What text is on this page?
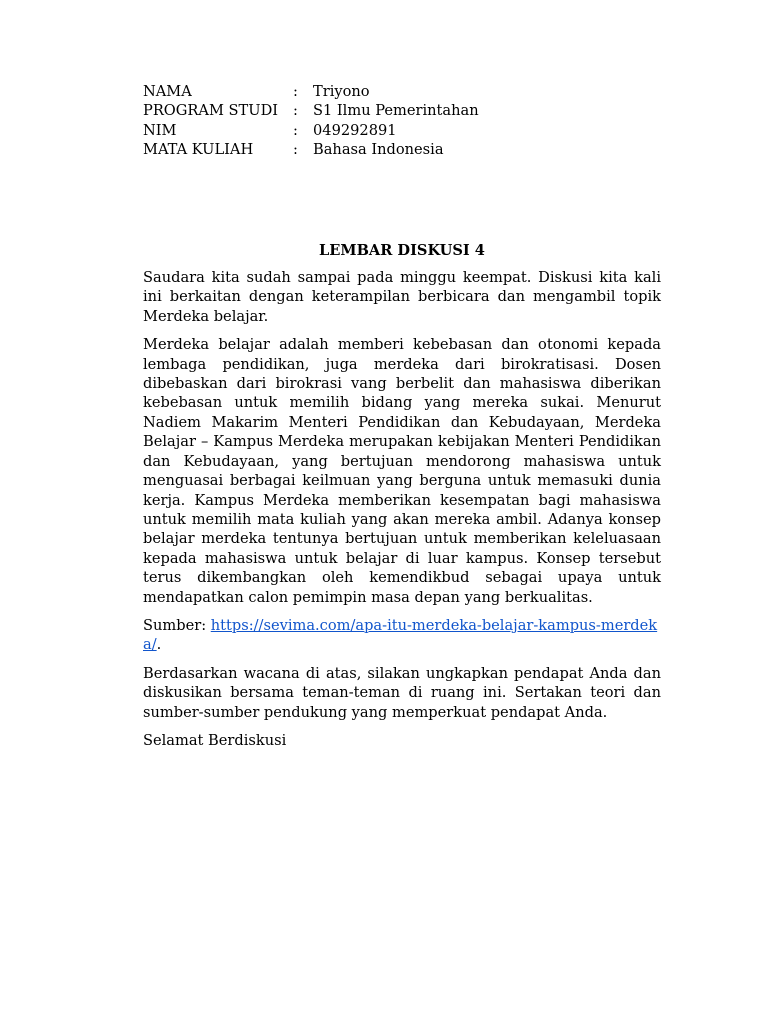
NAMA	:	Triyono
PROGRAM STUDI	:	S1 Ilmu Pemerintahan
NIM	:	049292891
MATA KULIAH	:	Bahasa Indonesia
LEMBAR DISKUSI 4

Saudara kita sudah sampai pada minggu keempat. Diskusi kita kali ini berkaitan dengan keterampilan berbicara dan mengambil topik Merdeka belajar.

Merdeka belajar adalah memberi kebebasan dan otonomi kepada lembaga pendidikan, juga merdeka dari birokratisasi. Dosen dibebaskan dari birokrasi vang berbelit dan mahasiswa diberikan kebebasan untuk memilih bidang yang mereka sukai. Menurut Nadiem Makarim Menteri Pendidikan dan Kebudayaan, Merdeka Belajar – Kampus Merdeka merupakan kebijakan Menteri Pendidikan dan Kebudayaan, yang bertujuan mendorong mahasiswa untuk menguasai berbagai keilmuan yang berguna untuk memasuki dunia kerja. Kampus Merdeka memberikan kesempatan bagi mahasiswa untuk memilih mata kuliah yang akan mereka ambil. Adanya konsep belajar merdeka tentunya bertujuan untuk memberikan keleluasaan kepada mahasiswa untuk belajar di luar kampus. Konsep tersebut terus dikembangkan oleh kemendikbud sebagai upaya untuk mendapatkan calon pemimpin masa depan yang berkualitas.

Sumber: https://sevima.com/apa-itu-merdeka-belajar-kampus-merdeka/.

Berdasarkan wacana di atas, silakan ungkapkan pendapat Anda dan diskusikan bersama teman-teman di ruang ini. Sertakan teori dan sumber-sumber pendukung yang memperkuat pendapat Anda.

Selamat Berdiskusi
